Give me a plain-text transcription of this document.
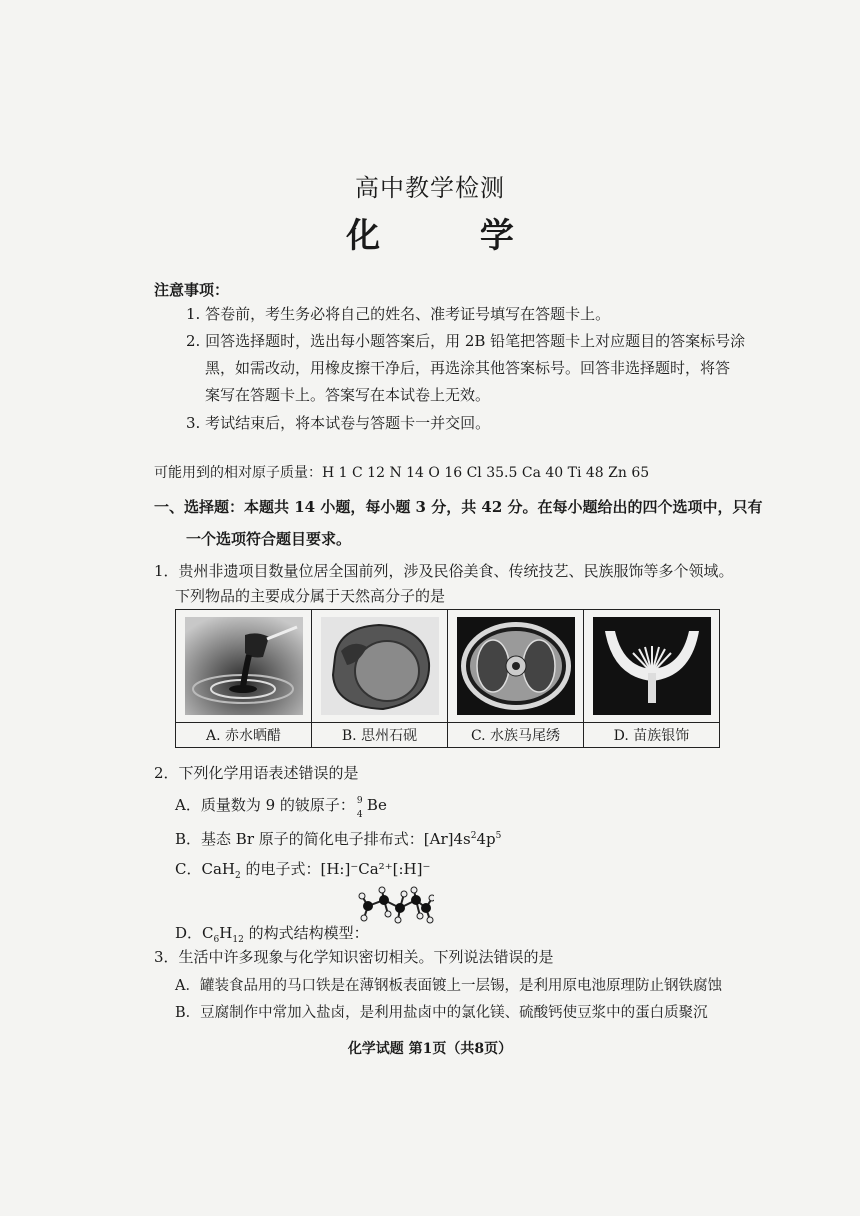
高中教学检测
化 学
注意事项：
1. 答卷前，考生务必将自己的姓名、准考证号填写在答题卡上。
2. 回答选择题时，选出每小题答案后，用 2B 铅笔把答题卡上对应题目的答案标号涂
黑，如需改动，用橡皮擦干净后，再选涂其他答案标号。回答非选择题时，将答
案写在答题卡上。答案写在本试卷上无效。
3. 考试结束后，将本试卷与答题卡一并交回。
可能用到的相对原子质量：H 1 C 12 N 14 O 16 Cl 35.5 Ca 40 Ti 48 Zn 65
一、选择题：本题共 14 小题，每小题 3 分，共 42 分。在每小题给出的四个选项中，只有
一个选项符合题目要求。
1．贵州非遗项目数量位居全国前列，涉及民俗美食、传统技艺、民族服饰等多个领域。
下列物品的主要成分属于天然高分子的是

A. 赤水晒醋	B. 思州石砚	C. 水族马尾绣	D. 苗族银饰
2．下列化学用语表述错误的是
A．质量数为 9 的铍原子： 9
4
Be
B．基态 Br 原子的简化电子排布式：$[Ar]4s^24p^5$
C．CaH$_2$ 的电子式：[H:]⁻Ca²⁺[:H]⁻
D．$C_6H_{12}$ 的构式结构模型：
3．生活中许多现象与化学知识密切相关。下列说法错误的是
A．罐装食品用的马口铁是在薄钢板表面镀上一层锡，是利用原电池原理防止钢铁腐蚀
B．豆腐制作中常加入盐卤，是利用盐卤中的氯化镁、硫酸钙使豆浆中的蛋白质聚沉
化学试题 第1页（共8页）
